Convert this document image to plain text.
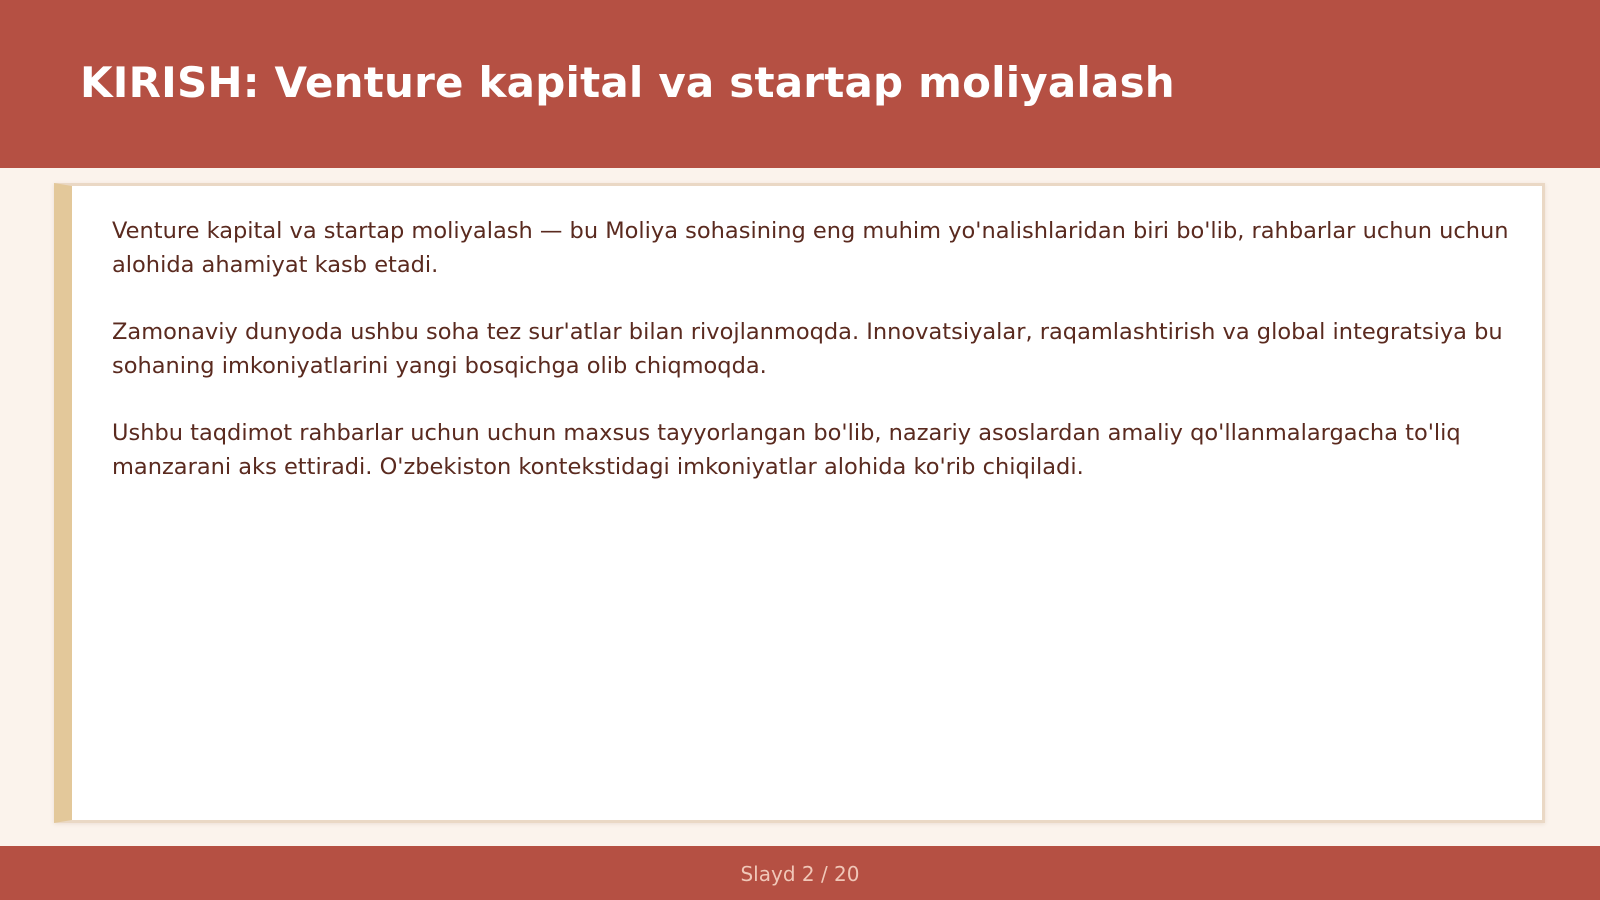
KIRISH: Venture kapital va startap moliyalash

Venture kapital va startap moliyalash — bu Moliya sohasining eng muhim yo'nalishlaridan biri bo'lib, rahbarlar uchun uchun alohida ahamiyat kasb etadi.

Zamonaviy dunyoda ushbu soha tez sur'atlar bilan rivojlanmoqda. Innovatsiyalar, raqamlashtirish va global integratsiya bu sohaning imkoniyatlarini yangi bosqichga olib chiqmoqda.

Ushbu taqdimot rahbarlar uchun uchun maxsus tayyorlangan bo'lib, nazariy asoslardan amaliy qo'llanmalargacha to'liq manzarani aks ettiradi. O'zbekiston kontekstidagi imkoniyatlar alohida ko'rib chiqiladi.

Slayd 2 / 20
